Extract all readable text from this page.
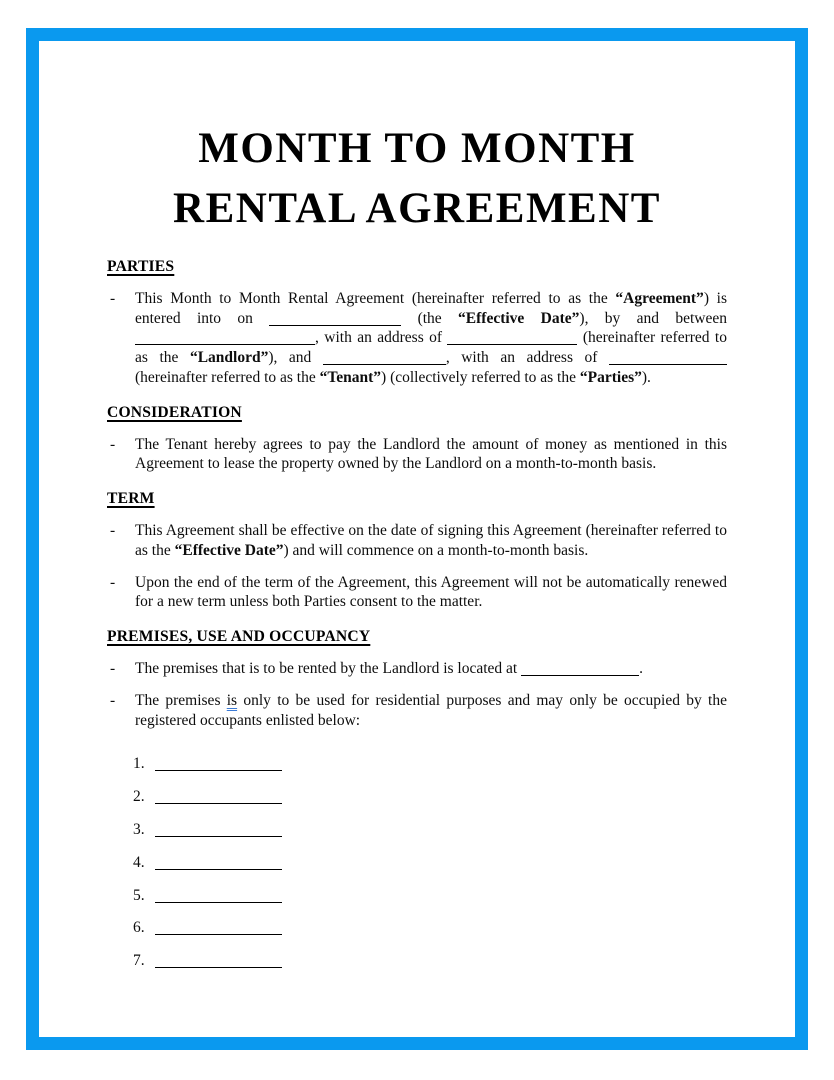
MONTH TO MONTH
RENTAL AGREEMENT
PARTIES
-	This Month to Month Rental Agreement (hereinafter referred to as the “Agreement”) is entered into on	(the “Effective Date”), by and between , with an address of	(hereinafter referred to as the “Landlord”), and	, with an address of  (hereinafter referred to as the “Tenant”) (collectively referred to as the “Parties”).
CONSIDERATION
-	The Tenant hereby agrees to pay the Landlord the amount of money as mentioned in this Agreement to lease the property owned by the Landlord on a month-to-month basis.
TERM
-	This Agreement shall be effective on the date of signing this Agreement (hereinafter referred to as the “Effective Date”) and will commence on a month-to-month basis.
-	Upon the end of the term of the Agreement, this Agreement will not be automatically renewed for a new term unless both Parties consent to the matter.
PREMISES, USE AND OCCUPANCY
-	The premises that is to be rented by the Landlord is located at	.
-	The premises is only to be used for residential purposes and may only be occupied by the registered occupants enlisted below:
1.
2.
3.
4.
5.
6.
7.
